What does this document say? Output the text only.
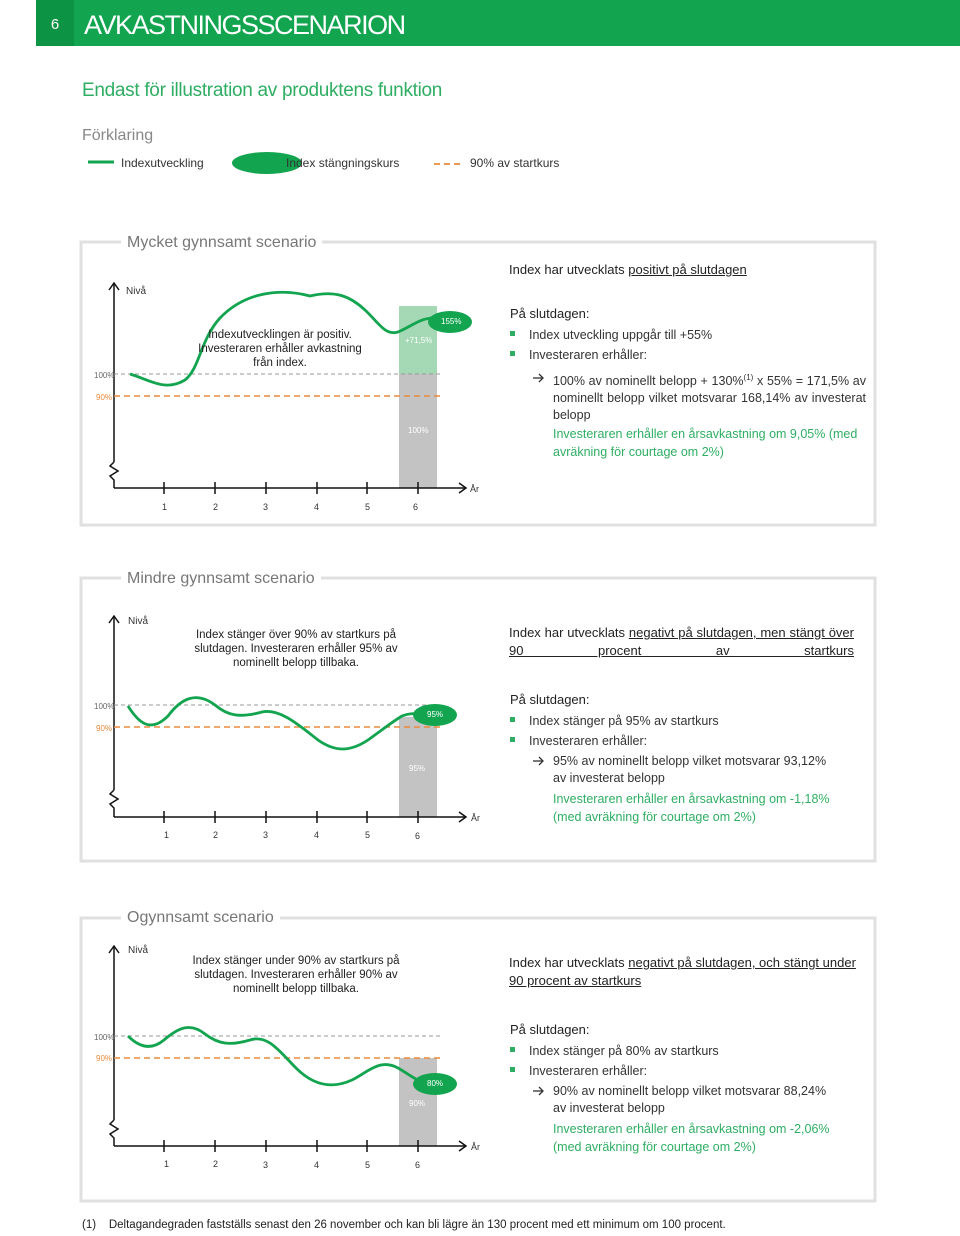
6 AVKASTNINGSSCENARION
Endast för illustration av produktens funktion
Förklaring
Indexutveckling	Index stängningskurs	90% av startkurs
Mycket gynnsamt scenario
Nivå
100%
90%
Indexutvecklingen är positiv. Investeraren erhåller avkastning från index.
+71,5%
100%
155%
1	2	3	4	5	6
År
Index har utvecklats positivt på slutdagen
På slutdagen:
Index utveckling uppgår till +55%
Investeraren erhåller:
100% av nominellt belopp + 130%$^{(1)}$ x 55% = 171,5% av nominellt belopp vilket motsvarar 168,14% av investerat belopp
Investeraren erhåller en årsavkastning om 9,05% (med avräkning för courtage om 2%)
Mindre gynnsamt scenario
Nivå
100%
90%
Index stänger över 90% av startkurs på slutdagen. Investeraren erhåller 95% av nominellt belopp tillbaka.
95%
95%
1	2	3	4	5	6
År
Index har utvecklats negativt på slutdagen, men stängt över 90 procent av startkurs
På slutdagen:
Index stänger på 95% av startkurs
Investeraren erhåller:
95% av nominellt belopp vilket motsvarar 93,12% av investerat belopp
Investeraren erhåller en årsavkastning om -1,18% (med avräkning för courtage om 2%)
Ogynnsamt scenario
Nivå
100%
90%
Index stänger under 90% av startkurs på slutdagen. Investeraren erhåller 90% av nominellt belopp tillbaka.
90%
80%
1	2	3	4	5	6
År
Index har utvecklats negativt på slutdagen, och stängt under 90 procent av startkurs
På slutdagen:
Index stänger på 80% av startkurs
Investeraren erhåller:
90% av nominellt belopp vilket motsvarar 88,24% av investerat belopp
Investeraren erhåller en årsavkastning om -2,06% (med avräkning för courtage om 2%)
(1) Deltagandegraden fastställs senast den 26 november och kan bli lägre än 130 procent med ett minimum om 100 procent.
